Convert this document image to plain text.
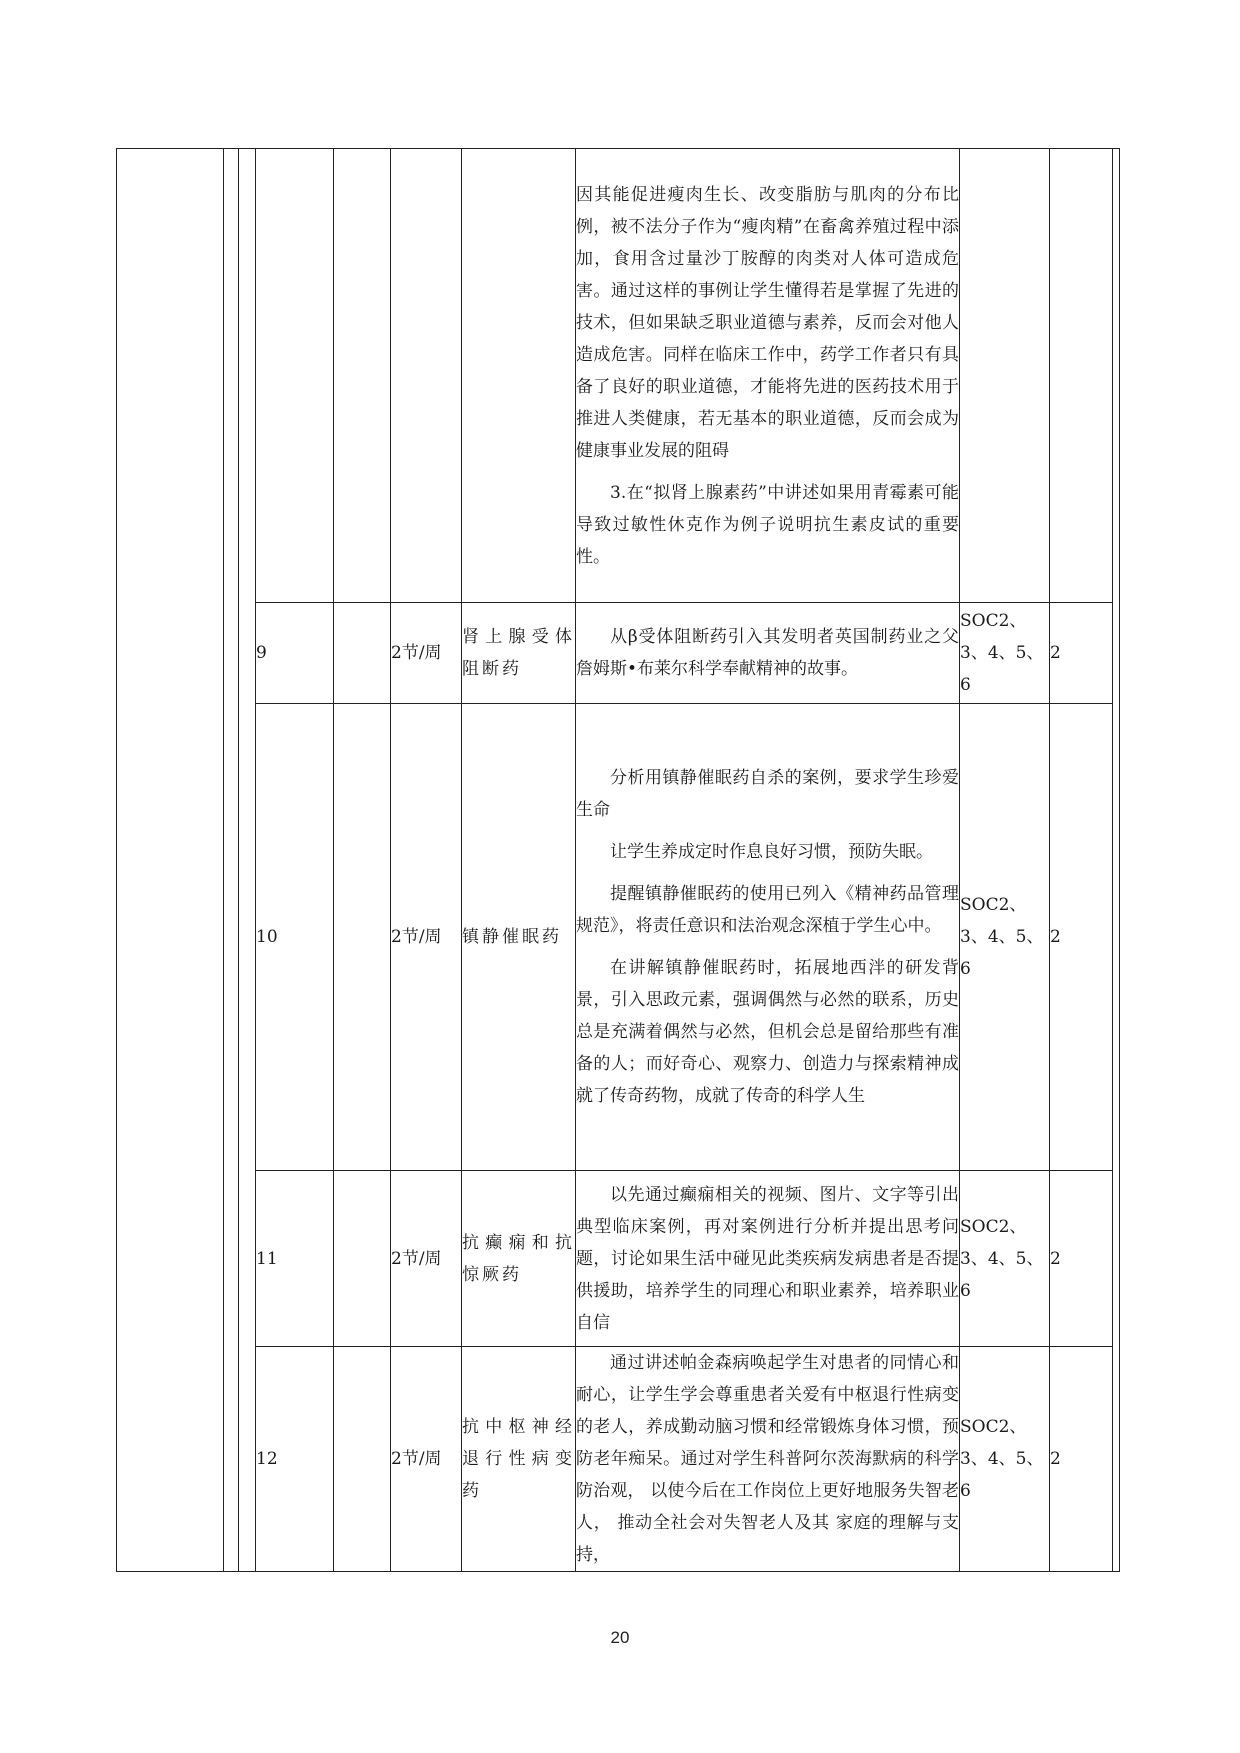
							因其能促进瘦肉生长、改变脂肪与肌肉的分布比例，被不法分子作为“瘦肉精”在畜禽养殖过程中添加，食用含过量沙丁胺醇的肉类对人体可造成危害。通过这样的事例让学生懂得若是掌握了先进的技术，但如果缺乏职业道德与素养，反而会对他人造成危害。同样在临床工作中，药学工作者只有具备了良好的职业道德，才能将先进的医药技术用于推进人类健康，若无基本的职业道德，反而会成为健康事业发展的阻碍

3.在“拟肾上腺素药”中讲述如果用青霉素可能导致过敏性休克作为例子说明抗生素皮试的重要性。			

			9		2节/周	肾上腺受体阻断药	从β受体阻断药引入其发明者英国制药业之父詹姆斯•布莱尔科学奉献精神的故事。	SOC2、3、4、5、6	2	
			10		2节/周	镇静催眠药	分析用镇静催眠药自杀的案例，要求学生珍爱生命

让学生养成定时作息良好习惯，预防失眠。

提醒镇静催眠药的使用已列入《精神药品管理规范》，将责任意识和法治观念深植于学生心中。

在讲解镇静催眠药时，拓展地西泮的研发背景，引入思政元素，强调偶然与必然的联系，历史总是充满着偶然与必然，但机会总是留给那些有准备的人；而好奇心、观察力、创造力与探索精神成就了传奇药物，成就了传奇的科学人生	SOC2、3、4、5、6	2	
			11		2节/周	抗癫痫和抗惊厥药	以先通过癫痫相关的视频、图片、文字等引出典型临床案例，再对案例进行分析并提出思考问题，讨论如果生活中碰见此类疾病发病患者是否提供援助，培养学生的同理心和职业素养，培养职业自信	SOC2、3、4、5、6	2	
			12		2节/周	抗中枢神经退行性病变药	通过讲述帕金森病唤起学生对患者的同情心和耐心，让学生学会尊重患者关爱有中枢退行性病变的老人，养成勤动脑习惯和经常锻炼身体习惯，预防老年痴呆。通过对学生科普阿尔茨海默病的科学防治观， 以使今后在工作岗位上更好地服务失智老人， 推动全社会对失智老人及其 家庭的理解与支持，	SOC2、3、4、5、6	2	
20
